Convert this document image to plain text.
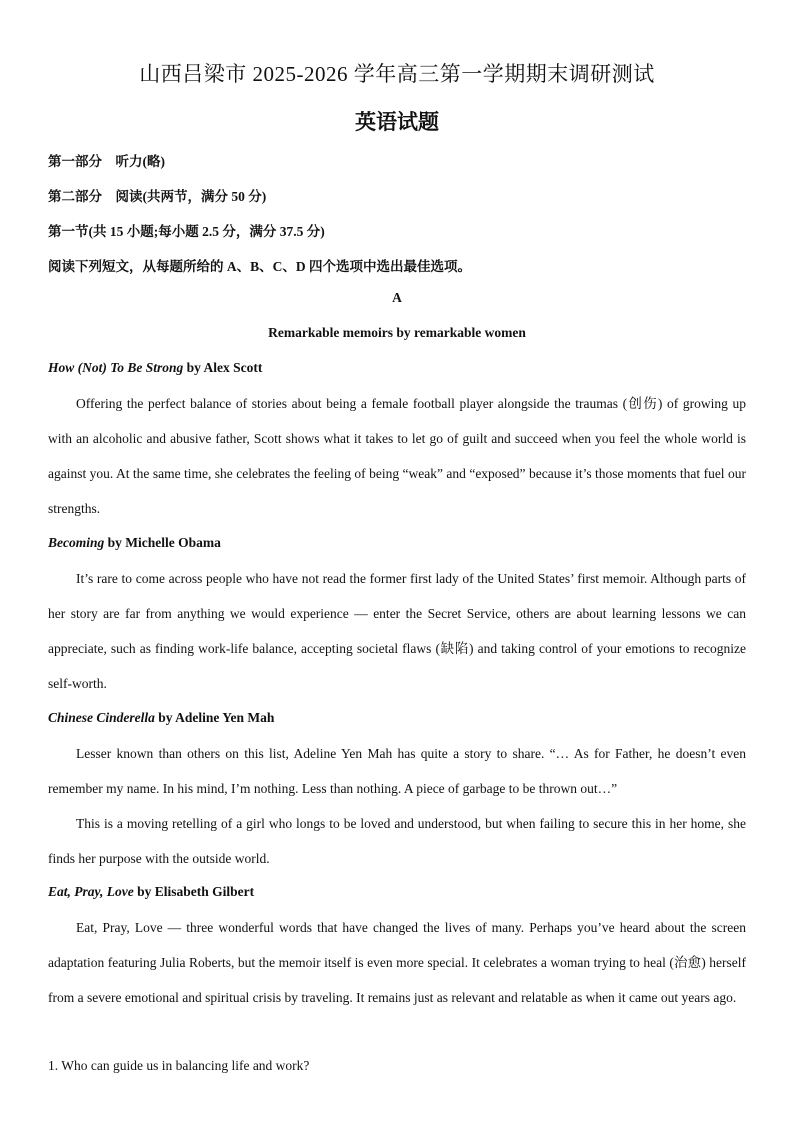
山西吕梁市 2025-2026 学年高三第一学期期末调研测试
英语试题
第一部分　听力(略)
第二部分　阅读(共两节，满分 50 分)
第一节(共 15 小题;每小题 2.5 分，满分 37.5 分)
阅读下列短文，从每题所给的 A、B、C、D 四个选项中选出最佳选项。
A
Remarkable memoirs by remarkable women
How (Not) To Be Strong by Alex Scott

Offering the perfect balance of stories about being a female football player alongside the traumas (创伤) of growing up with an alcoholic and abusive father, Scott shows what it takes to let go of guilt and succeed when you feel the whole world is against you. At the same time, she celebrates the feeling of being “weak” and “exposed” because it’s those moments that fuel our strengths.

Becoming by Michelle Obama

It’s rare to come across people who have not read the former first lady of the United States’ first memoir. Although parts of her story are far from anything we would experience — enter the Secret Service, others are about learning lessons we can appreciate, such as finding work-life balance, accepting societal flaws (缺陷) and taking control of your emotions to recognize self-worth.

Chinese Cinderella by Adeline Yen Mah

Lesser known than others on this list, Adeline Yen Mah has quite a story to share. “… As for Father, he doesn’t even remember my name. In his mind, I’m nothing. Less than nothing. A piece of garbage to be thrown out…”

This is a moving retelling of a girl who longs to be loved and understood, but when failing to secure this in her home, she finds her purpose with the outside world.

Eat, Pray, Love by Elisabeth Gilbert

Eat, Pray, Love — three wonderful words that have changed the lives of many. Perhaps you’ve heard about the screen adaptation featuring Julia Roberts, but the memoir itself is even more special. It celebrates a woman trying to heal (治愈) herself from a severe emotional and spiritual crisis by traveling. It remains just as relevant and relatable as when it came out years ago.

1. Who can guide us in balancing life and work?
